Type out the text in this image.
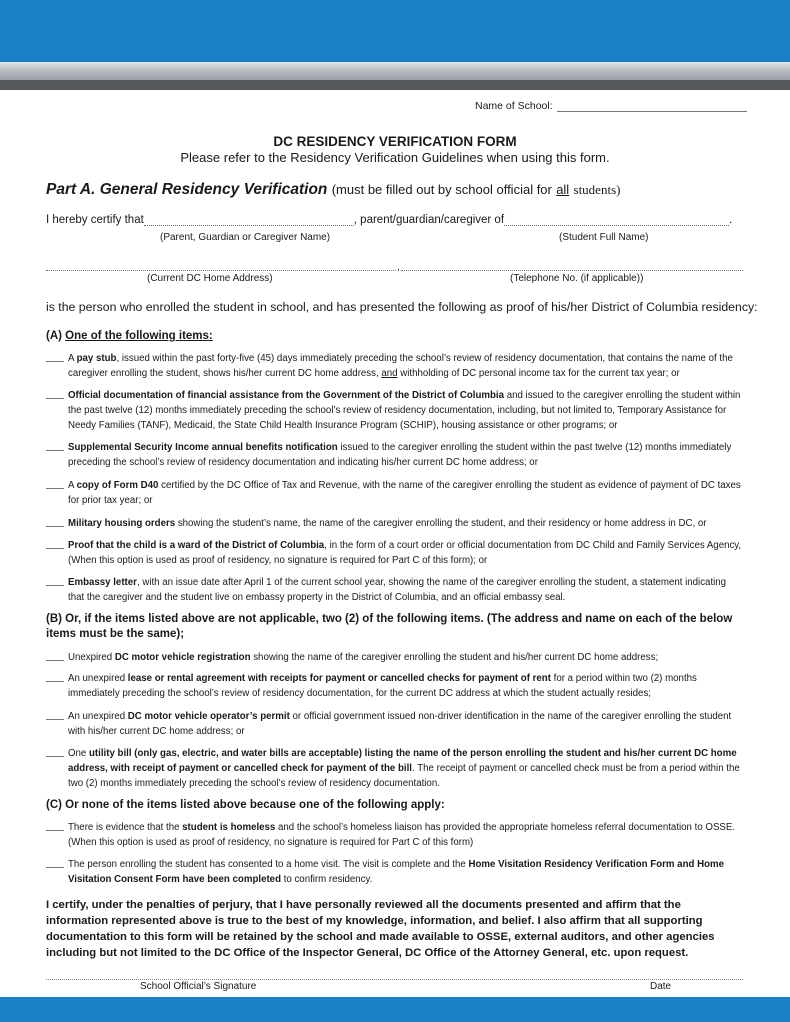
Name of School:
DC RESIDENCY VERIFICATION FORM
Please refer to the Residency Verification Guidelines when using this form.
Part A. General Residency Verification (must be filled out by school official for all students)
I hereby certify that	, parent/guardian/caregiver of	.
(Parent, Guardian or Caregiver Name)	(Student Full Name)
,
(Current DC Home Address)	(Telephone No. (if applicable))
is the person who enrolled the student in school, and has presented the following as proof of his/her District of Columbia residency:
(A) One of the following items:
A pay stub, issued within the past forty-five (45) days immediately preceding the school’s review of residency documentation, that contains the name of the caregiver enrolling the student, shows his/her current DC home address, and withholding of DC personal income tax for the current tax year; or
Official documentation of financial assistance from the Government of the District of Columbia and issued to the caregiver enrolling the student within the past twelve (12) months immediately preceding the school’s review of residency documentation, including, but not limited to, Temporary Assistance for Needy Families (TANF), Medicaid, the State Child Health Insurance Program (SCHIP), housing assistance or other programs; or
Supplemental Security Income annual benefits notification issued to the caregiver enrolling the student within the past twelve (12) months immediately preceding the school’s review of residency documentation and indicating his/her current DC home address; or
A copy of Form D40 certified by the DC Office of Tax and Revenue, with the name of the caregiver enrolling the student as evidence of payment of DC taxes for prior tax year; or
Military housing orders showing the student’s name, the name of the caregiver enrolling the student, and their residency or home address in DC, or
Proof that the child is a ward of the District of Columbia, in the form of a court order or official documentation from DC Child and Family Services Agency, (When this option is used as proof of residency, no signature is required for Part C of this form); or
Embassy letter, with an issue date after April 1 of the current school year, showing the name of the caregiver enrolling the student, a statement indicating that the caregiver and the student live on embassy property in the District of Columbia, and an official embassy seal.
(B) Or, if the items listed above are not applicable, two (2) of the following items. (The address and name on each of the below items must be the same);
Unexpired DC motor vehicle registration showing the name of the caregiver enrolling the student and his/her current DC home address;
An unexpired lease or rental agreement with receipts for payment or cancelled checks for payment of rent for a period within two (2) months immediately preceding the school’s review of residency documentation, for the current DC address at which the student actually resides;
An unexpired DC motor vehicle operator’s permit or official government issued non-driver identification in the name of the caregiver enrolling the student with his/her current DC home address; or
One utility bill (only gas, electric, and water bills are acceptable) listing the name of the person enrolling the student and his/her current DC home address, with receipt of payment or cancelled check for payment of the bill. The receipt of payment or cancelled check must be from a period within the two (2) months immediately preceding the school’s review of residency documentation.
(C) Or none of the items listed above because one of the following apply:
There is evidence that the student is homeless and the school’s homeless liaison has provided the appropriate homeless referral documentation to OSSE. (When this option is used as proof of residency, no signature is required for Part C of this form)
The person enrolling the student has consented to a home visit. The visit is complete and the Home Visitation Residency Verification Form and Home Visitation Consent Form have been completed to confirm residency.
I certify, under the penalties of perjury, that I have personally reviewed all the documents presented and affirm that the information represented above is true to the best of my knowledge, information, and belief. I also affirm that all supporting documentation to this form will be retained by the school and made available to OSSE, external auditors, and other agencies including but not limited to the DC Office of the Inspector General, DC Office of the Attorney General, etc. upon request.
School Official’s Signature	Date
